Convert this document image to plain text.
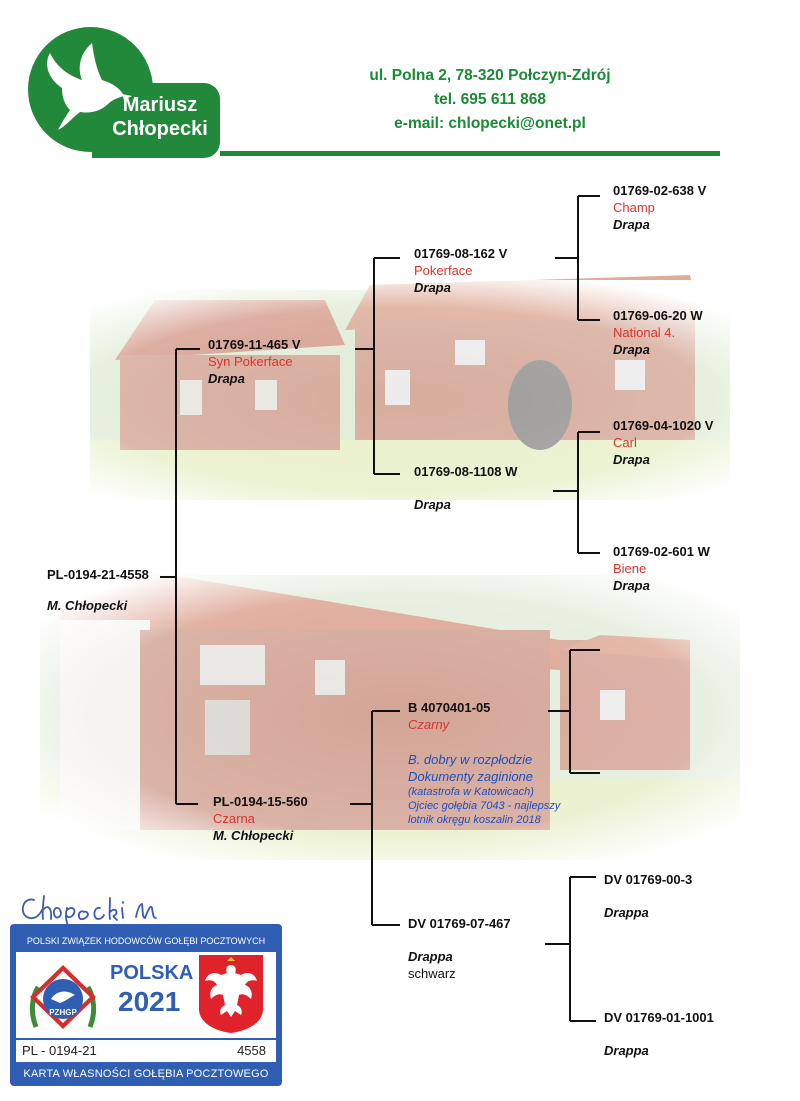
Mariusz
Chłopecki
ul. Polna 2, 78-320 Połczyn-Zdrój
tel. 695 611 868
e-mail: chlopecki@onet.pl
PL-0194-21-4558
M. Chłopecki
01769-11-465 V
Syn Pokerface
Drapa
01769-08-162 V
Pokerface
Drapa
01769-08-1108 W
Drapa
01769-02-638 V
Champ
Drapa
01769-06-20 W
National 4.
Drapa
01769-04-1020 V
Carl
Drapa
01769-02-601 W
Biene
Drapa
PL-0194-15-560
Czarna
M. Chłopecki
B 4070401-05
Czarny
B. dobry w rozpłodzie
Dokumenty zaginione
(katastrofa w Katowicach)
Ojciec gołębia 7043 - najlepszy
lotnik okręgu koszalin 2018
DV 01769-07-467
Drappa
schwarz
DV 01769-00-3
Drappa
DV 01769-01-1001
Drappa
POLSKI ZWIĄZEK HODOWCÓW GOŁĘBI POCZTOWYCH
PZHGP
POLSKA
2021
PL - 0194-21	4558
KARTA WŁASNOŚCI GOŁĘBIA POCZTOWEGO
